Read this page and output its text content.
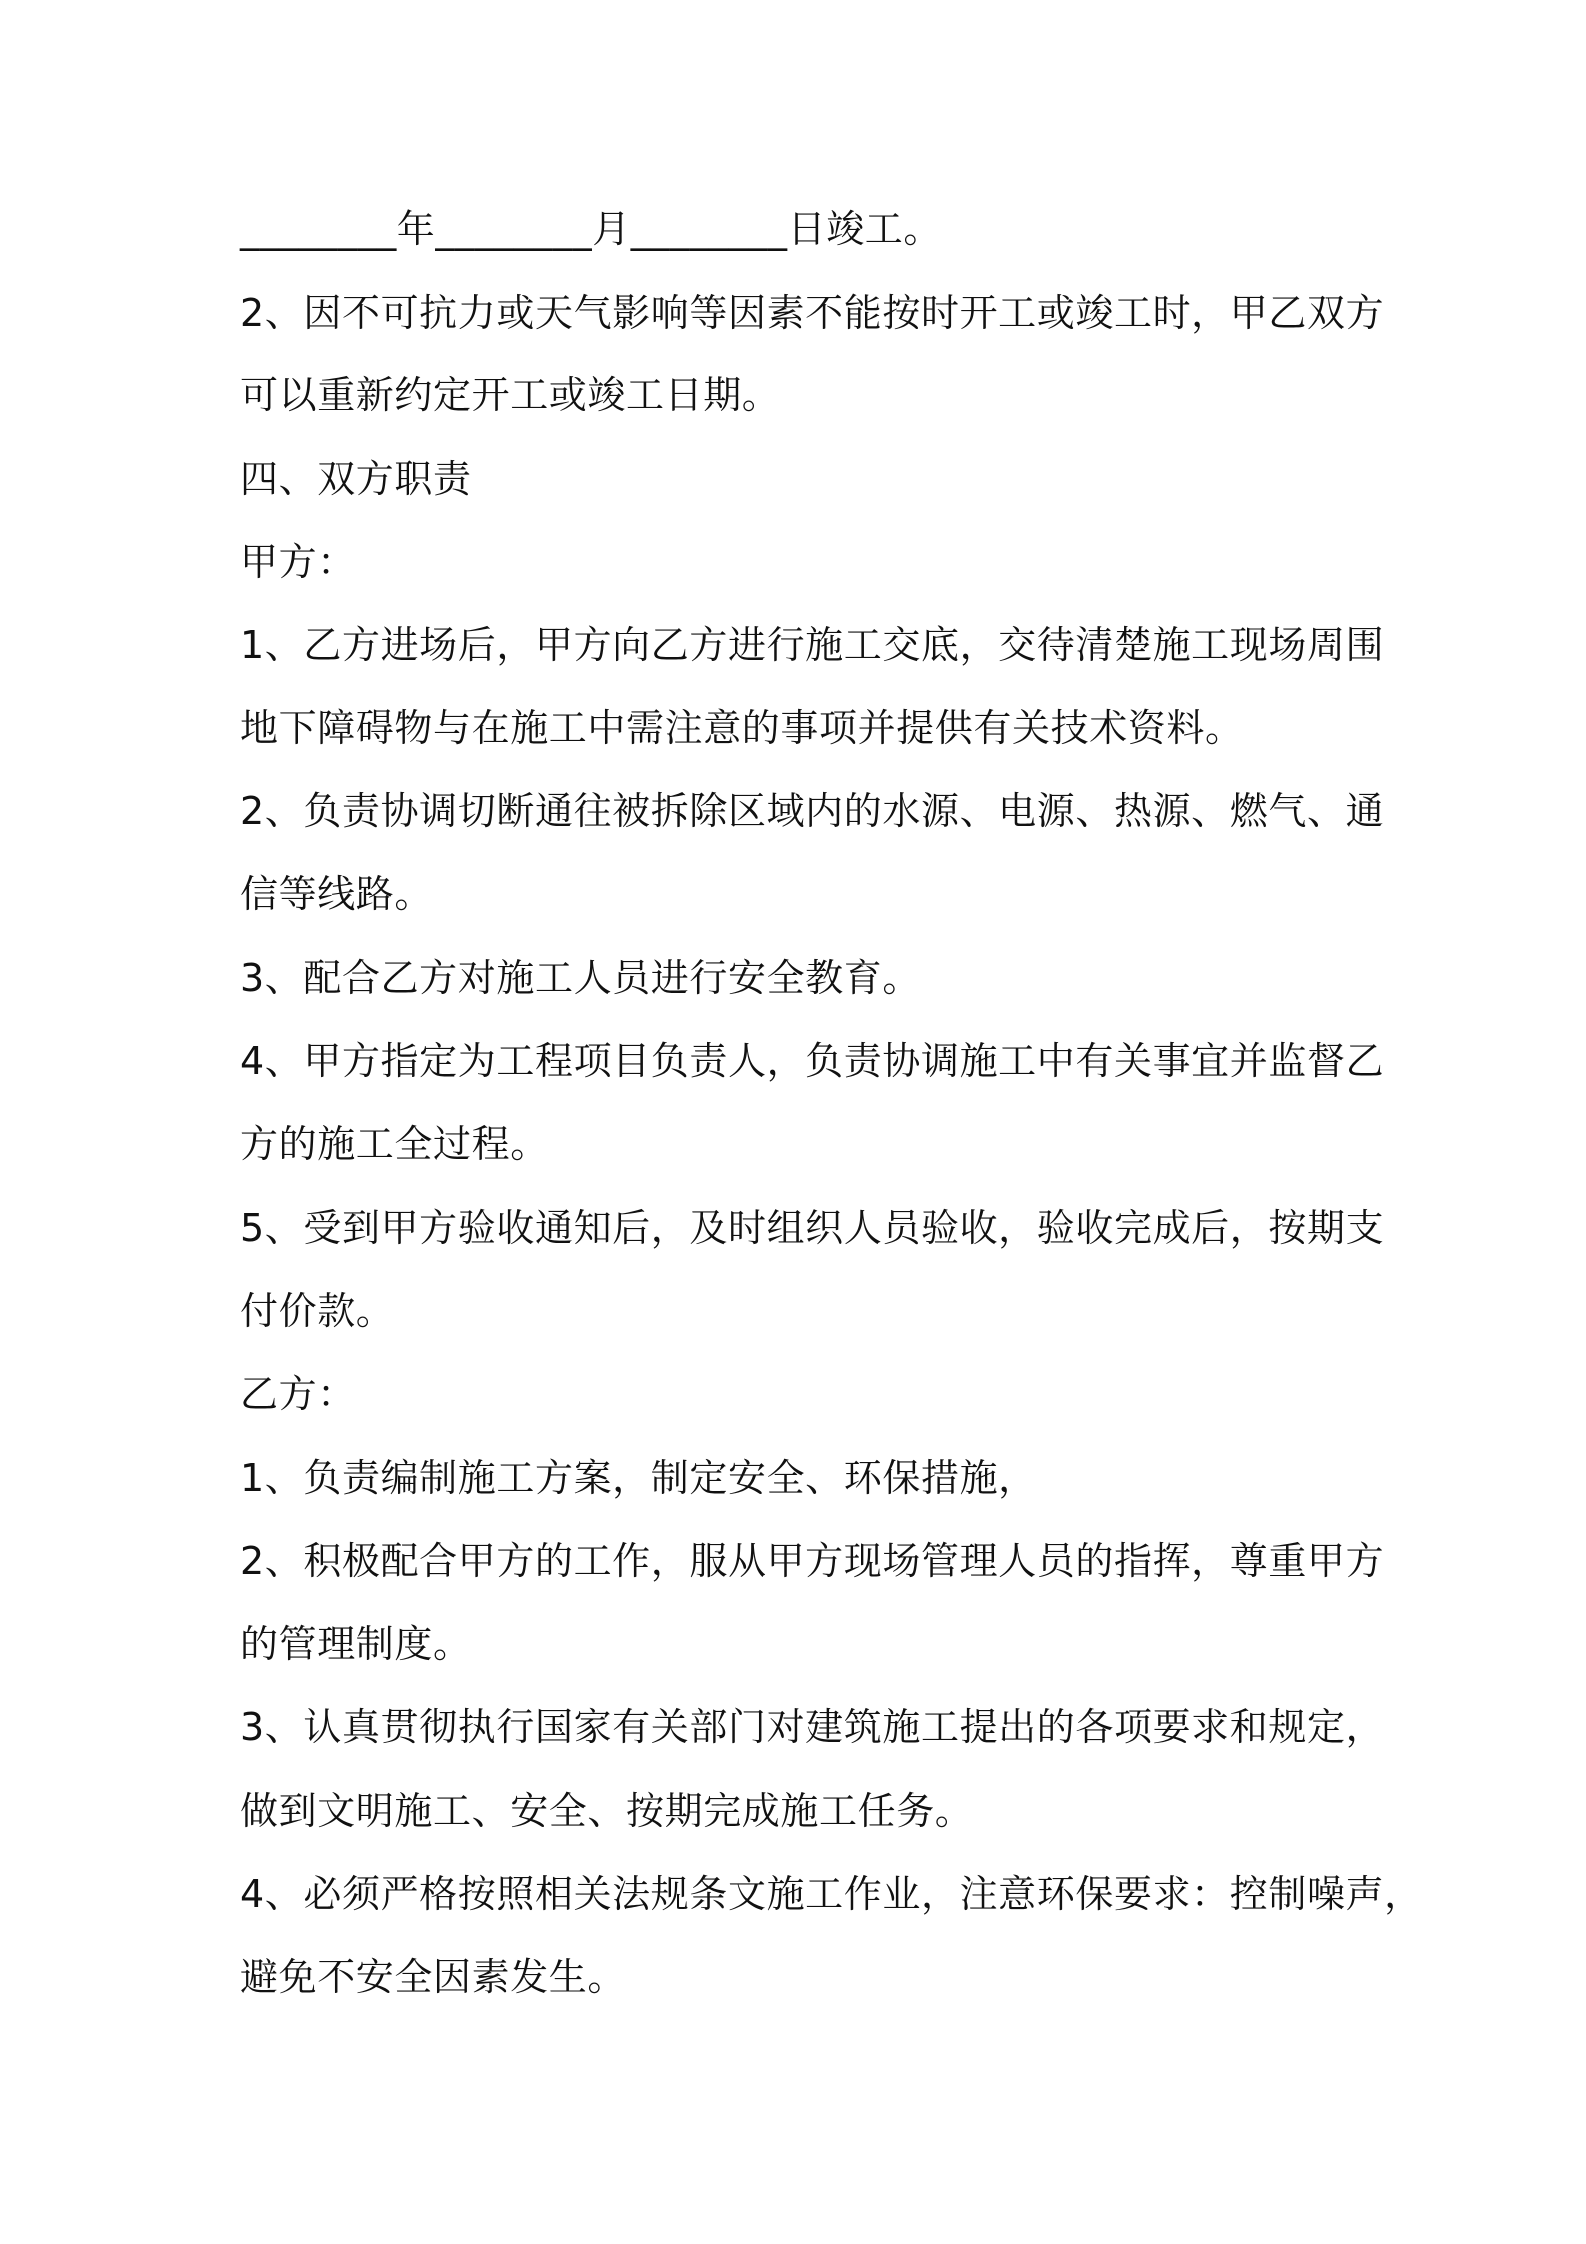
________年________月________日竣工。
2、因不可抗力或天气影响等因素不能按时开工或竣工时，甲乙双方
可以重新约定开工或竣工日期。
四、双方职责
甲方：
1、乙方进场后，甲方向乙方进行施工交底，交待清楚施工现场周围
地下障碍物与在施工中需注意的事项并提供有关技术资料。
2、负责协调切断通往被拆除区域内的水源、电源、热源、燃气、通
信等线路。
3、配合乙方对施工人员进行安全教育。
4、甲方指定为工程项目负责人，负责协调施工中有关事宜并监督乙
方的施工全过程。
5、受到甲方验收通知后，及时组织人员验收，验收完成后，按期支
付价款。
乙方：
1、负责编制施工方案，制定安全、环保措施，
2、积极配合甲方的工作，服从甲方现场管理人员的指挥，尊重甲方
的管理制度。
3、认真贯彻执行国家有关部门对建筑施工提出的各项要求和规定，
做到文明施工、安全、按期完成施工任务。
4、必须严格按照相关法规条文施工作业，注意环保要求：控制噪声，
避免不安全因素发生。
